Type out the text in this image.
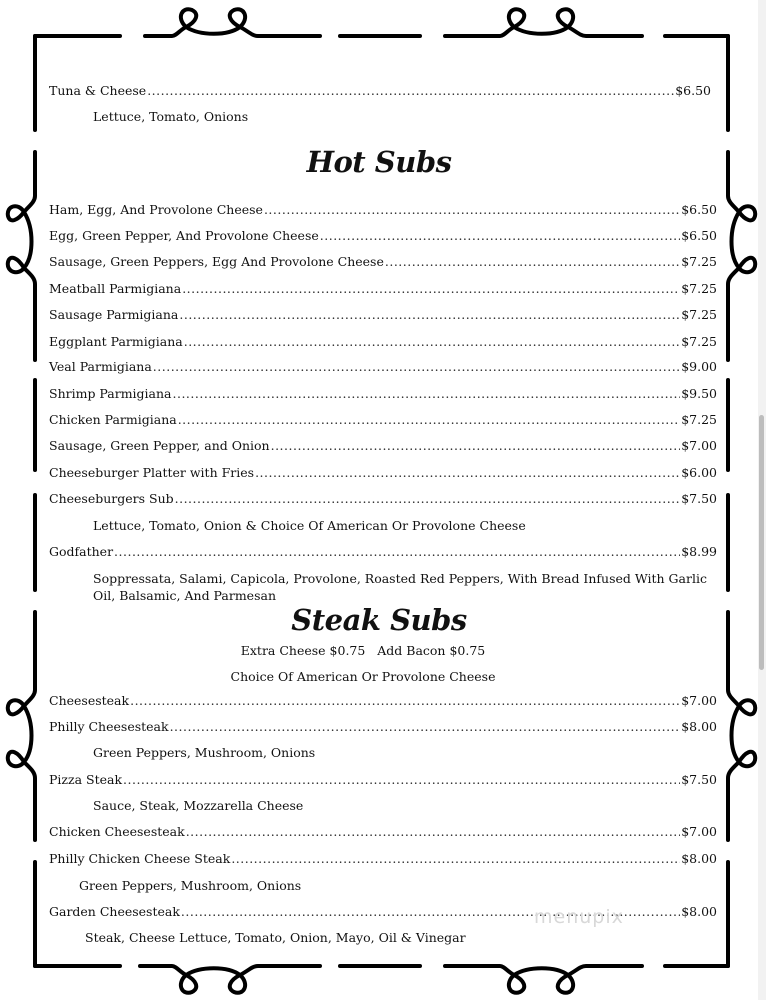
Tuna & Cheese .....	$6.50
Lettuce, Tomato, Onions
Hot Subs
Ham, Egg, And Provolone Cheese .....	$6.50
Egg, Green Pepper, And Provolone Cheese .....	$6.50
Sausage, Green Peppers, Egg And Provolone Cheese .....	$7.25
Meatball Parmigiana .....	$7.25
Sausage Parmigiana .....	$7.25
Eggplant Parmigiana .....	$7.25
Veal Parmigiana .....	$9.00
Shrimp Parmigiana .....	$9.50
Chicken Parmigiana .....	$7.25
Sausage, Green Pepper, and Onion .....	$7.00
Cheeseburger Platter with Fries .....	$6.00
Cheeseburgers Sub .....	$7.50
Lettuce, Tomato, Onion & Choice Of American Or Provolone Cheese
Godfather .....	$8.99
Soppressata, Salami, Capicola, Provolone, Roasted Red Peppers, With Bread Infused With Garlic Oil, Balsamic, And Parmesan
Steak Subs
Extra Cheese $0.75   Add Bacon $0.75
Choice Of American Or Provolone Cheese
Cheesesteak .....	$7.00
Philly Cheesesteak .....	$8.00
Green Peppers, Mushroom, Onions
Pizza Steak .....	$7.50
Sauce, Steak, Mozzarella Cheese
Chicken Cheesesteak .....	$7.00
Philly Chicken Cheese Steak .....	$8.00
Green Peppers, Mushroom, Onions
Garden Cheesesteak .....	$8.00
Steak, Cheese Lettuce, Tomato, Onion, Mayo, Oil & Vinegar
menupix
